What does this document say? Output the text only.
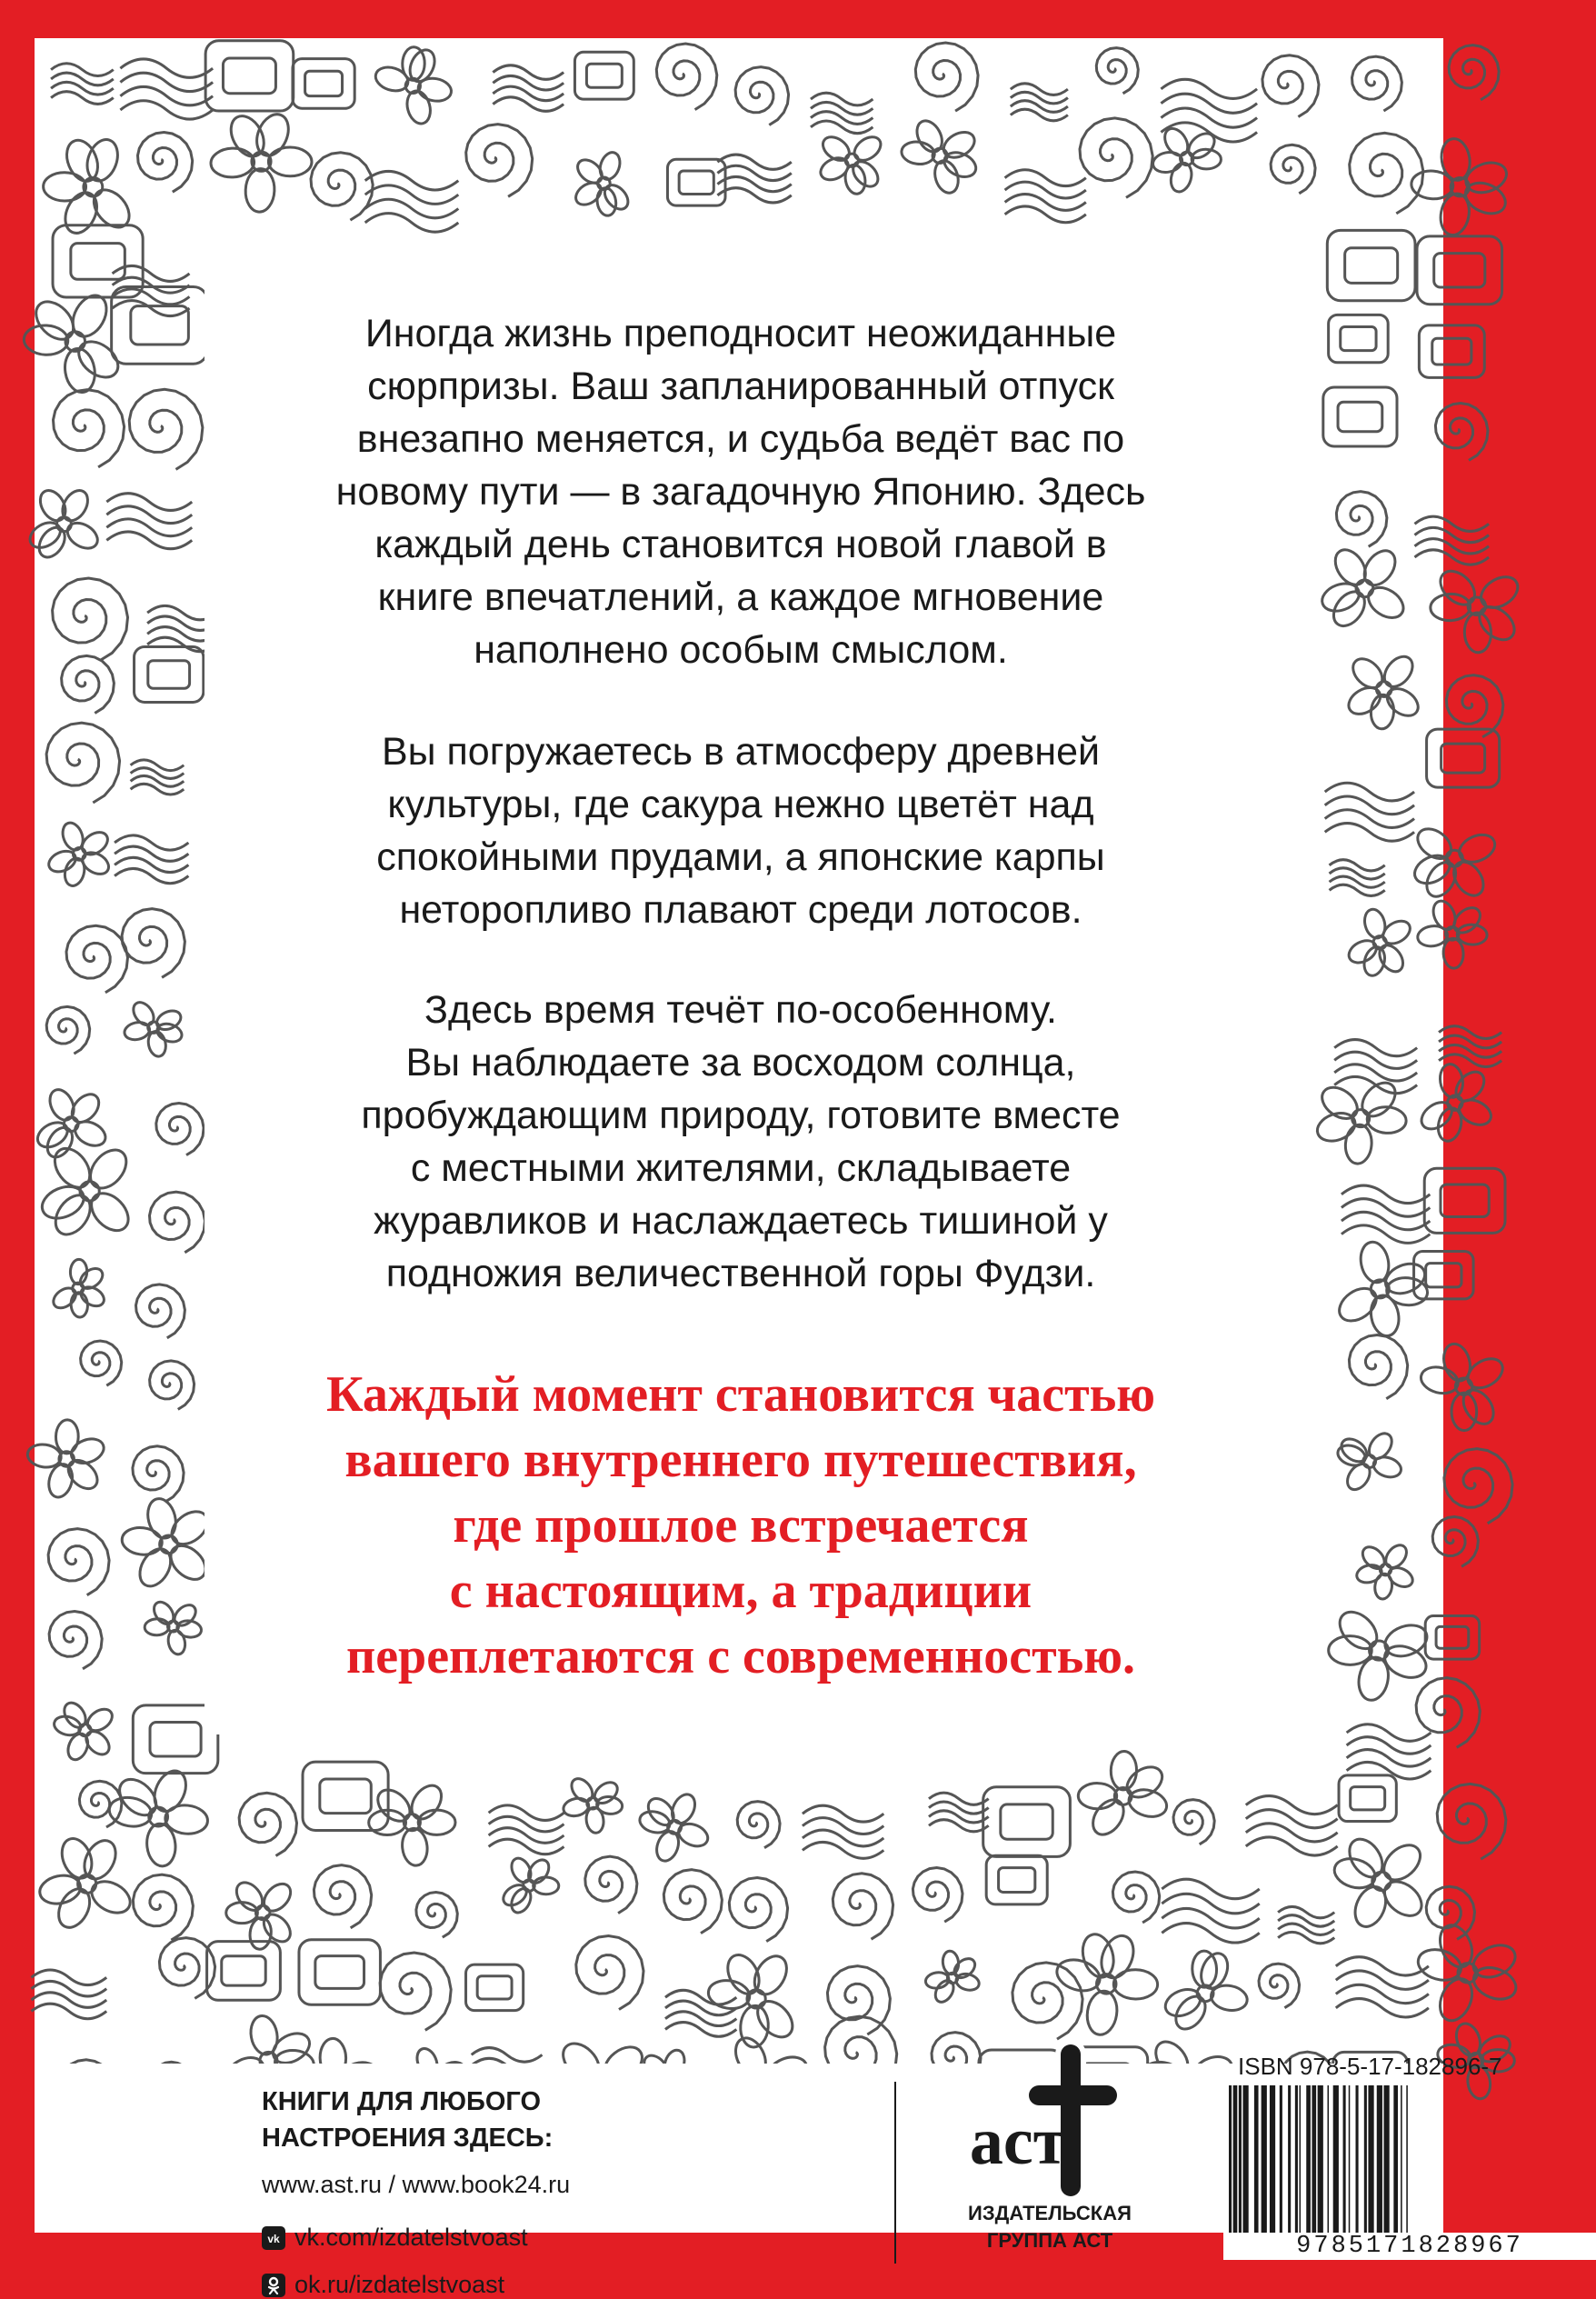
Иногда жизнь преподносит неожиданные
сюрпризы. Ваш запланированный отпуск
внезапно меняется, и судьба ведёт вас по
новому пути — в загадочную Японию. Здесь
каждый день становится новой главой в
книге впечатлений, а каждое мгновение
наполнено особым смыслом.
Вы погружаетесь в атмосферу древней
культуры, где сакура нежно цветёт над
спокойными прудами, а японские карпы
неторопливо плавают среди лотосов.
Здесь время течёт по-особенному.
Вы наблюдаете за восходом солнца,
пробуждающим природу, готовите вместе
с местными жителями, складываете
журавликов и наслаждаетесь тишиной у
подножия величественной горы Фудзи.
Каждый момент становится частью
вашего внутреннего путешествия,
где прошлое встречается
с настоящим, а традиции
переплетаются с современностью.
КНИГИ ДЛЯ ЛЮБОГО
НАСТРОЕНИЯ ЗДЕСЬ:
www.ast.ru / www.book24.ru
vk vk.com/izdatelstvoast
ok.ru/izdatelstvoast
аст
ИЗДАТЕЛЬСКАЯ
ГРУППА АСТ
ISBN 978-5-17-182896-7
9785171828967
